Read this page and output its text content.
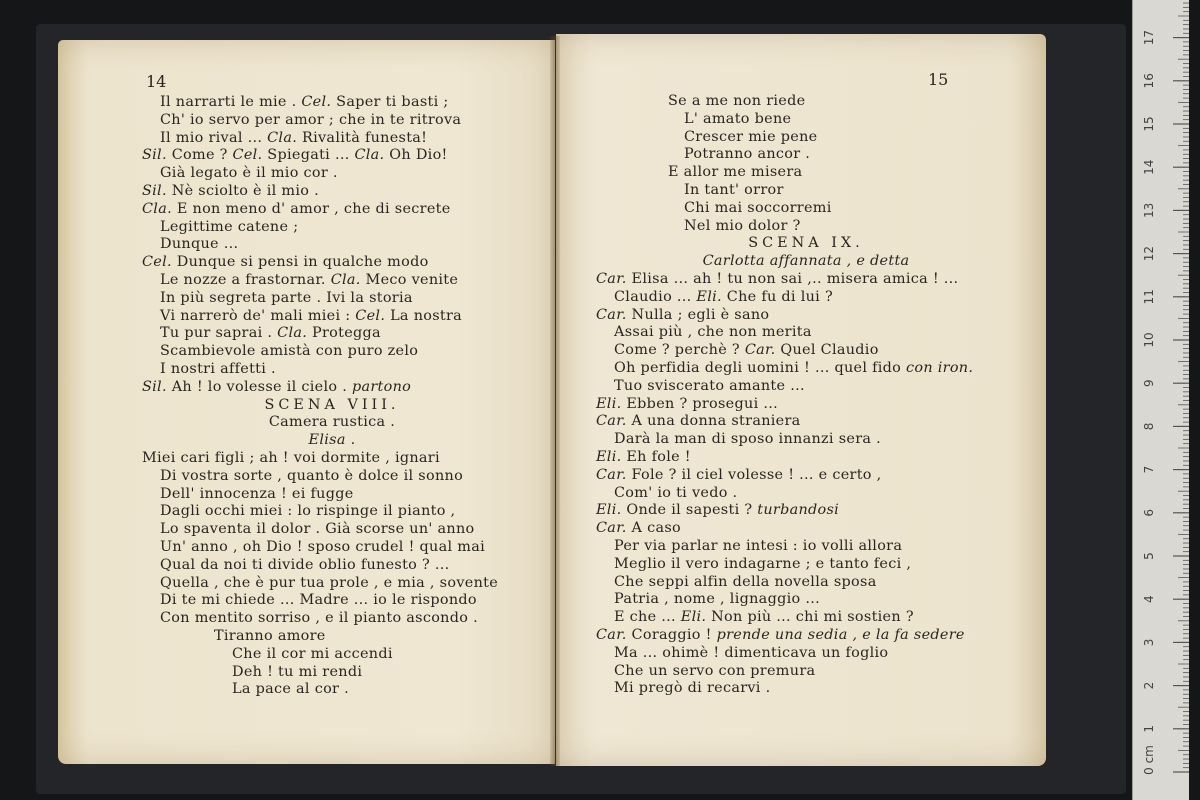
14	15
Il narrarti le mie . Cel. Saper ti basti ;
Ch' io servo per amor ; che in te ritrova
Il mio rival ... Cla. Rivalità funesta!
Sil. Come ? Cel. Spiegati ... Cla. Oh Dio!
Già legato è il mio cor .
Sil. Nè sciolto è il mio .
Cla. E non meno d' amor , che di secrete
Legittime catene ;
Dunque ...
Cel. Dunque si pensi in qualche modo
Le nozze a frastornar. Cla. Meco venite
In più segreta parte . Ivi la storia
Vi narrerò de' mali miei : Cel. La nostra
Tu pur saprai . Cla. Protegga
Scambievole amistà con puro zelo
I nostri affetti .
Sil. Ah ! lo volesse il cielo . partono
SCENA VIII.
Camera rustica .
Elisa .
Miei cari figli ; ah ! voi dormite , ignari
Di vostra sorte , quanto è dolce il sonno
Dell' innocenza ! ei fugge
Dagli occhi miei : lo rispinge il pianto ,
Lo spaventa il dolor . Già scorse un' anno
Un' anno , oh Dio ! sposo crudel ! qual mai
Qual da noi ti divide oblio funesto ? ...
Quella , che è pur tua prole , e mia , sovente
Di te mi chiede ... Madre ... io le rispondo
Con mentito sorriso , e il pianto ascondo .
Tiranno amore
Che il cor mi accendi
Deh ! tu mi rendi
La pace al cor .
Se a me non riede
L' amato bene
Crescer mie pene
Potranno ancor .
E allor me misera
In tant' orror
Chi mai soccorremi
Nel mio dolor ?
SCENA IX.
Carlotta affannata , e detta
Car. Elisa ... ah ! tu non sai ,.. misera amica ! ...
Claudio ... Eli. Che fu di lui ?
Car. Nulla ; egli è sano
Assai più , che non merita
Come ? perchè ? Car. Quel Claudio
Oh perfidia degli uomini ! ... quel fido con iron.
Tuo sviscerato amante ...
Eli. Ebben ? prosegui ...
Car. A una donna straniera
Darà la man di sposo innanzi sera .
Eli. Eh fole !
Car. Fole ? il ciel volesse ! ... e certo ,
Com' io ti vedo .
Eli. Onde il sapesti ? turbandosi
Car. A caso
Per via parlar ne intesi : io volli allora
Meglio il vero indagarne ; e tanto feci ,
Che seppi alfin della novella sposa
Patria , nome , lignaggio ...
E che ... Eli. Non più ... chi mi sostien ?
Car. Coraggio ! prende una sedia , e la fa sedere
Ma ... ohimè ! dimenticava un foglio
Che un servo con premura
Mi pregò di recarvi .
0 cm
1
2
3
4
5
6
7
8
9
10
11
12
13
14
15
16
17
